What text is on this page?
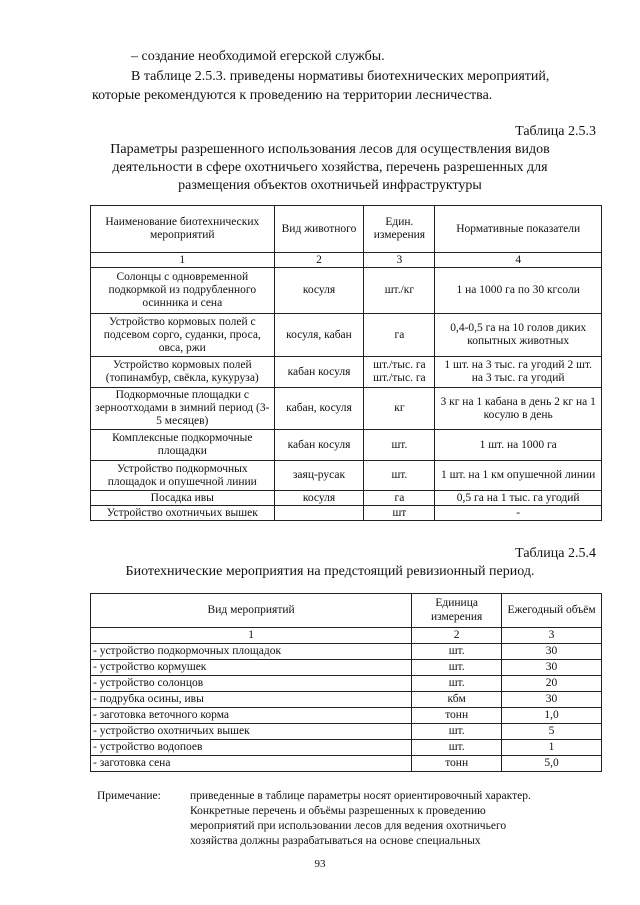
– создание необходимой егерской службы.
В таблице 2.5.3. приведены нормативы биотехнических мероприятий,
которые рекомендуются к проведению на территории лесничества.
Таблица 2.5.3
Параметры разрешенного использования лесов для осуществления видов
деятельности в сфере охотничьего хозяйства, перечень разрешенных для
размещения объектов охотничьей инфраструктуры
Наименование биотехнических мероприятий	Вид животного	Един. измерения	Нормативные показатели
1	2	3	4
Солонцы с одновременной подкормкой из подрубленного осинника и сена	косуля	шт./кг	1 на 1000 га по 30 кгсоли
Устройство кормовых полей с подсевом сорго, суданки, проса, овса, ржи	косуля, кабан	га	0,4-0,5 га на 10 голов диких копытных животных
Устройство кормовых полей (топинамбур, свёкла, кукуруза)	кабан косуля	шт./тыс. га шт./тыс. га	1 шт. на 3 тыс. га угодий 2 шт. на 3 тыс. га угодий
Подкормочные площадки с зерноотходами в зимний период (3-5 месяцев)	кабан, косуля	кг	3 кг на 1 кабана в день 2 кг на 1 косулю в день
Комплексные подкормочные площадки	кабан косуля	шт.	1 шт. на 1000 га
Устройство подкормочных площадок и опушечной линии	заяц-русак	шт.	1 шт. на 1 км опушечной линии
Посадка ивы	косуля	га	0,5 га на 1 тыс. га угодий
Устройство охотничьих вышек		шт	-
Таблица 2.5.4
Биотехнические мероприятия на предстоящий ревизионный период.
Вид мероприятий	Единица измерения	Ежегодный объём
1	2	3
- устройство подкормочных площадок	шт.	30
- устройство кормушек	шт.	30
- устройство солонцов	шт.	20
- подрубка осины, ивы	кбм	30
- заготовка веточного корма	тонн	1,0
- устройство охотничьих вышек	шт.	5
- устройство водопоев	шт.	1
- заготовка сена	тонн	5,0
Примечание:	приведенные в таблице параметры носят ориентировочный характер.
Конкретные перечень и объёмы разрешенных к проведению
мероприятий при использовании лесов для ведения охотничьего
хозяйства должны разрабатываться на основе специальных
93
